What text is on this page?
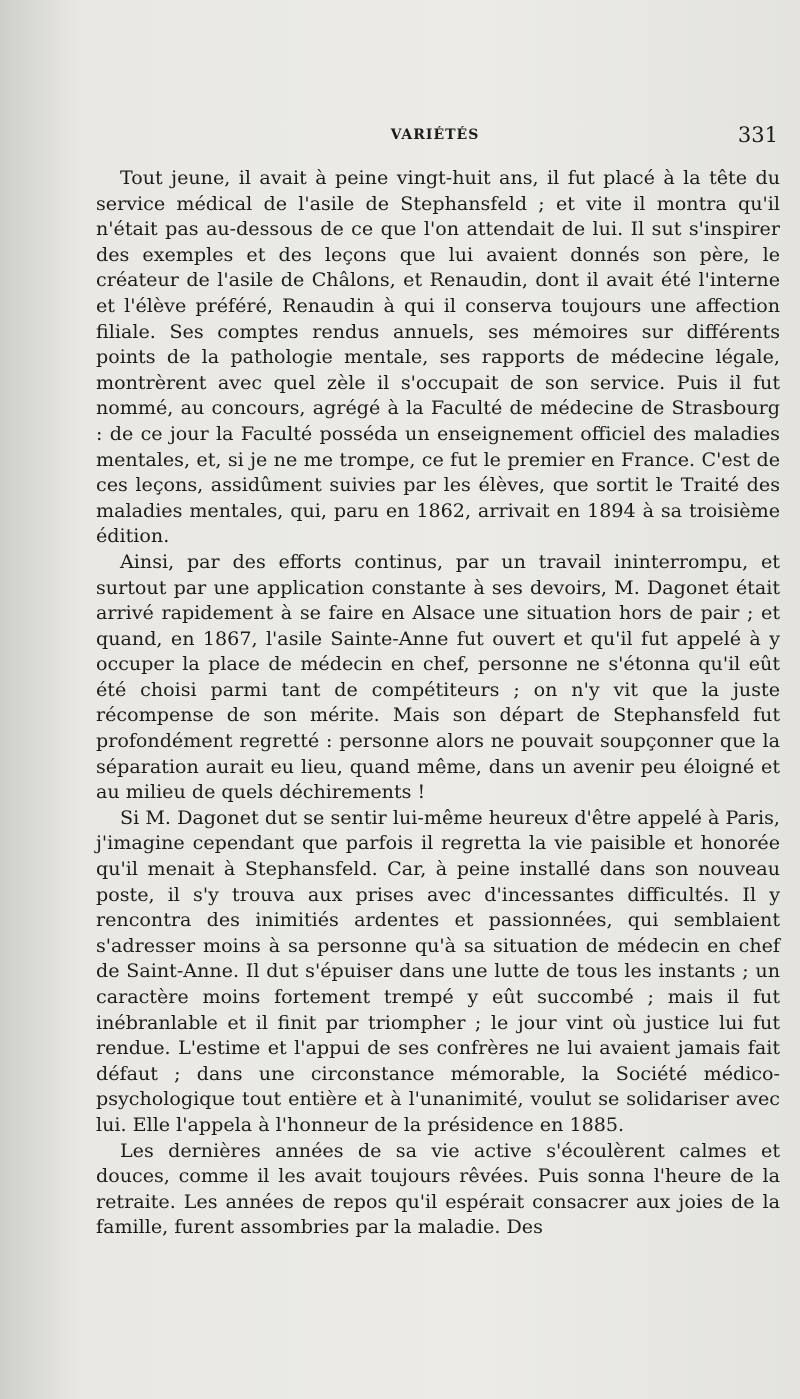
VARIÉTÉS	331

Tout jeune, il avait à peine vingt-huit ans, il fut placé à la tête du service médical de l'asile de Stephansfeld ; et vite il montra qu'il n'était pas au-dessous de ce que l'on attendait de lui. Il sut s'inspirer des exemples et des leçons que lui avaient donnés son père, le créateur de l'asile de Châlons, et Renaudin, dont il avait été l'interne et l'élève préféré, Renaudin à qui il conserva toujours une affection filiale. Ses comptes rendus annuels, ses mémoires sur différents points de la pathologie mentale, ses rapports de médecine légale, montrèrent avec quel zèle il s'occupait de son service. Puis il fut nommé, au concours, agrégé à la Faculté de médecine de Strasbourg : de ce jour la Faculté posséda un enseignement officiel des maladies mentales, et, si je ne me trompe, ce fut le premier en France. C'est de ces leçons, assidûment suivies par les élèves, que sortit le Traité des maladies mentales, qui, paru en 1862, arrivait en 1894 à sa troisième édition.

Ainsi, par des efforts continus, par un travail ininterrompu, et surtout par une application constante à ses devoirs, M. Dagonet était arrivé rapidement à se faire en Alsace une situation hors de pair ; et quand, en 1867, l'asile Sainte-Anne fut ouvert et qu'il fut appelé à y occuper la place de médecin en chef, personne ne s'étonna qu'il eût été choisi parmi tant de compétiteurs ; on n'y vit que la juste récompense de son mérite. Mais son départ de Stephansfeld fut profondément regretté : personne alors ne pouvait soupçonner que la séparation aurait eu lieu, quand même, dans un avenir peu éloigné et au milieu de quels déchirements !

Si M. Dagonet dut se sentir lui-même heureux d'être appelé à Paris, j'imagine cependant que parfois il regretta la vie paisible et honorée qu'il menait à Stephansfeld. Car, à peine installé dans son nouveau poste, il s'y trouva aux prises avec d'incessantes difficultés. Il y rencontra des inimitiés ardentes et passionnées, qui semblaient s'adresser moins à sa personne qu'à sa situation de médecin en chef de Saint-Anne. Il dut s'épuiser dans une lutte de tous les instants ; un caractère moins fortement trempé y eût succombé ; mais il fut inébranlable et il finit par triompher ; le jour vint où justice lui fut rendue. L'estime et l'appui de ses confrères ne lui avaient jamais fait défaut ; dans une circonstance mémorable, la Société médico-psychologique tout entière et à l'unanimité, voulut se solidariser avec lui. Elle l'appela à l'honneur de la présidence en 1885.

Les dernières années de sa vie active s'écoulèrent calmes et douces, comme il les avait toujours rêvées. Puis sonna l'heure de la retraite. Les années de repos qu'il espérait consacrer aux joies de la famille, furent assombries par la maladie. Des
